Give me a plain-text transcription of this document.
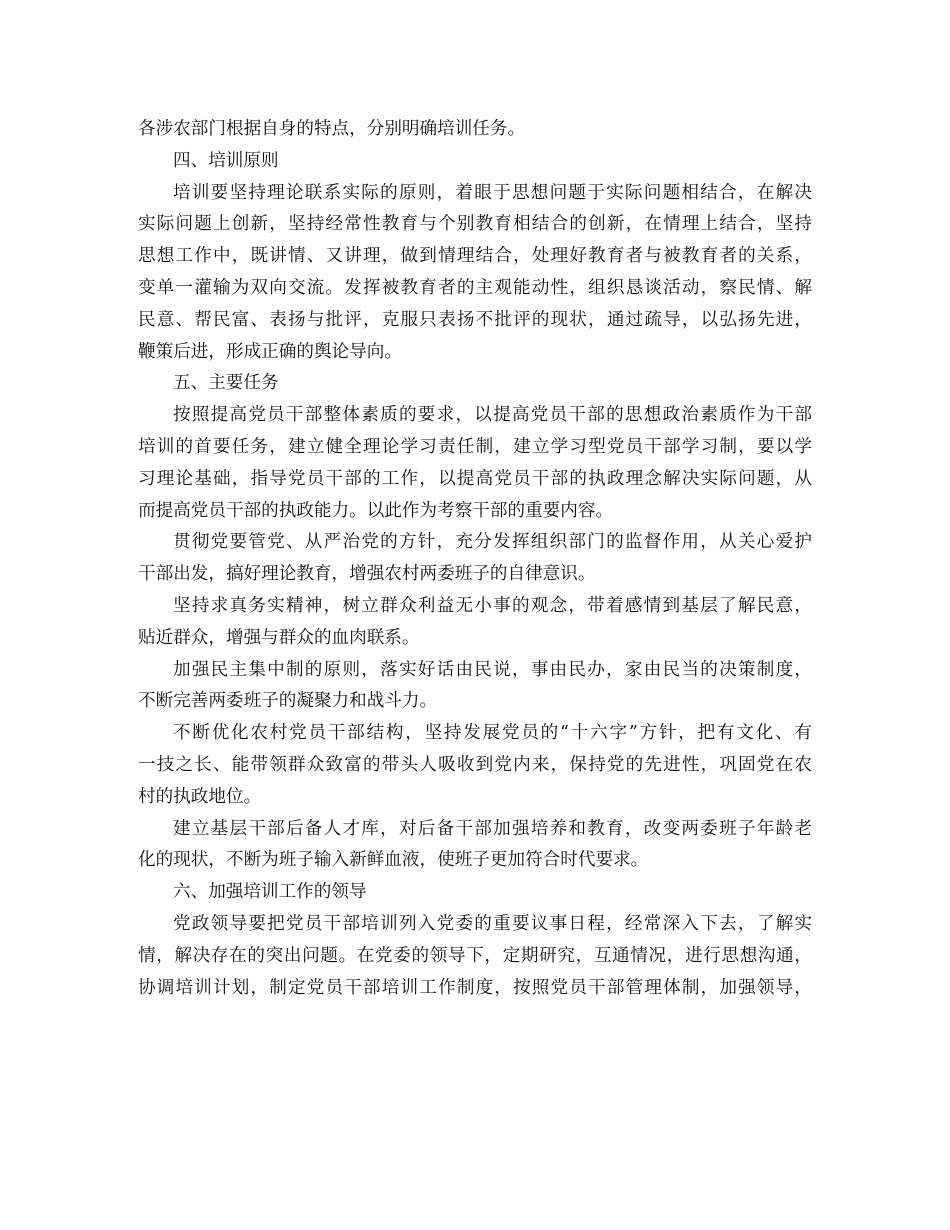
各涉农部门根据自身的特点，分别明确培训任务。
四、培训原则
培训要坚持理论联系实际的原则，着眼于思想问题于实际问题相结合，在解决
实际问题上创新，坚持经常性教育与个别教育相结合的创新，在情理上结合，坚持
思想工作中，既讲情、又讲理，做到情理结合，处理好教育者与被教育者的关系，
变单一灌输为双向交流。发挥被教育者的主观能动性，组织恳谈活动，察民情、解
民意、帮民富、表扬与批评，克服只表扬不批评的现状，通过疏导，以弘扬先进，
鞭策后进，形成正确的舆论导向。
五、主要任务
按照提高党员干部整体素质的要求，以提高党员干部的思想政治素质作为干部
培训的首要任务，建立健全理论学习责任制，建立学习型党员干部学习制，要以学
习理论基础，指导党员干部的工作，以提高党员干部的执政理念解决实际问题，从
而提高党员干部的执政能力。以此作为考察干部的重要内容。
贯彻党要管党、从严治党的方针，充分发挥组织部门的监督作用，从关心爱护
干部出发，搞好理论教育，增强农村两委班子的自律意识。
坚持求真务实精神，树立群众利益无小事的观念，带着感情到基层了解民意，
贴近群众，增强与群众的血肉联系。
加强民主集中制的原则，落实好话由民说，事由民办，家由民当的决策制度，
不断完善两委班子的凝聚力和战斗力。
不断优化农村党员干部结构，坚持发展党员的“十六字”方针，把有文化、有
一技之长、能带领群众致富的带头人吸收到党内来，保持党的先进性，巩固党在农
村的执政地位。
建立基层干部后备人才库，对后备干部加强培养和教育，改变两委班子年龄老
化的现状，不断为班子输入新鲜血液，使班子更加符合时代要求。
六、加强培训工作的领导
党政领导要把党员干部培训列入党委的重要议事日程，经常深入下去，了解实
情，解决存在的突出问题。在党委的领导下，定期研究，互通情况，进行思想沟通，
协调培训计划，制定党员干部培训工作制度，按照党员干部管理体制，加强领导，
